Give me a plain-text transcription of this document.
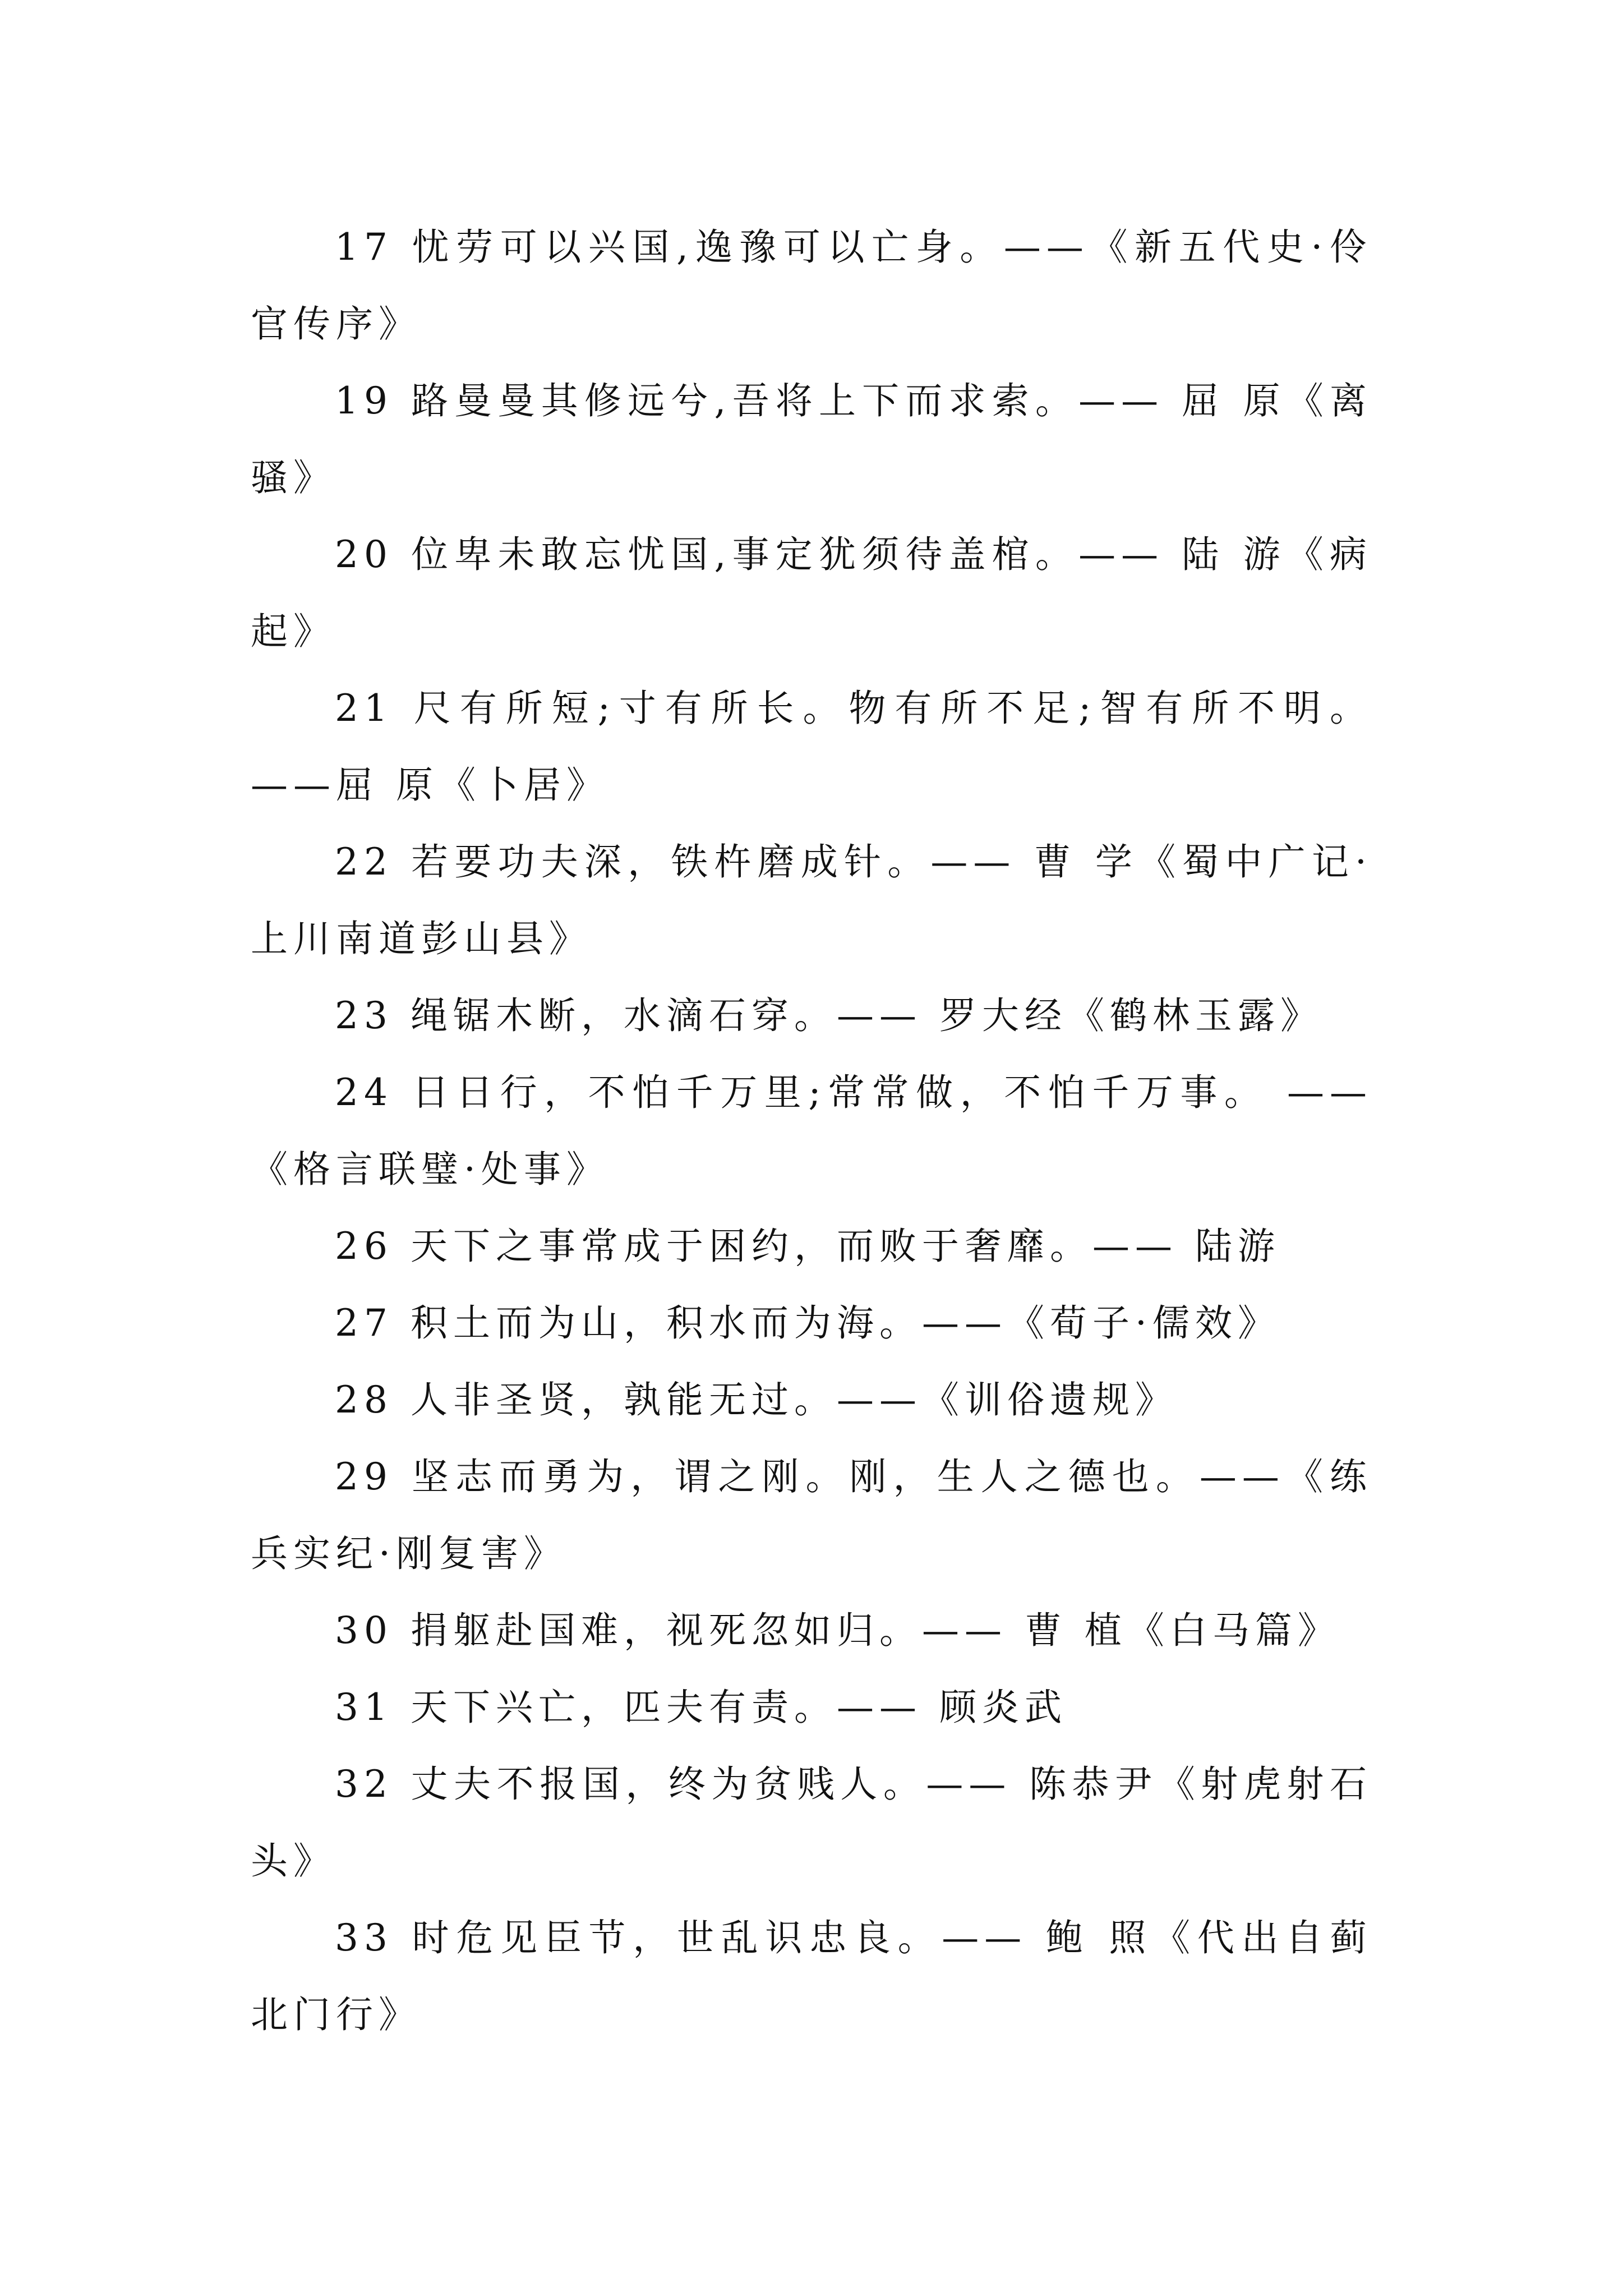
17 忧劳可以兴国,逸豫可以亡身。——《新五代史·伶官传序》

19 路曼曼其修远兮,吾将上下而求索。—— 屈 原《离骚》

20 位卑未敢忘忧国,事定犹须待盖棺。—— 陆 游《病起》

21 尺有所短;寸有所长。物有所不足;智有所不明。——屈 原《卜居》

22 若要功夫深，铁杵磨成针。—— 曹 学《蜀中广记·上川南道彭山县》

23 绳锯木断，水滴石穿。—— 罗大经《鹤林玉露》

24 日日行，不怕千万里;常常做，不怕千万事。 ——《格言联璧·处事》

26 天下之事常成于困约，而败于奢靡。—— 陆游

27 积土而为山，积水而为海。——《荀子·儒效》

28 人非圣贤，孰能无过。——《训俗遗规》

29 坚志而勇为，谓之刚。刚，生人之德也。——《练兵实纪·刚复害》

30 捐躯赴国难，视死忽如归。—— 曹 植《白马篇》

31 天下兴亡，匹夫有责。—— 顾炎武

32 丈夫不报国，终为贫贱人。—— 陈恭尹《射虎射石头》

33 时危见臣节，世乱识忠良。—— 鲍 照《代出自蓟北门行》
